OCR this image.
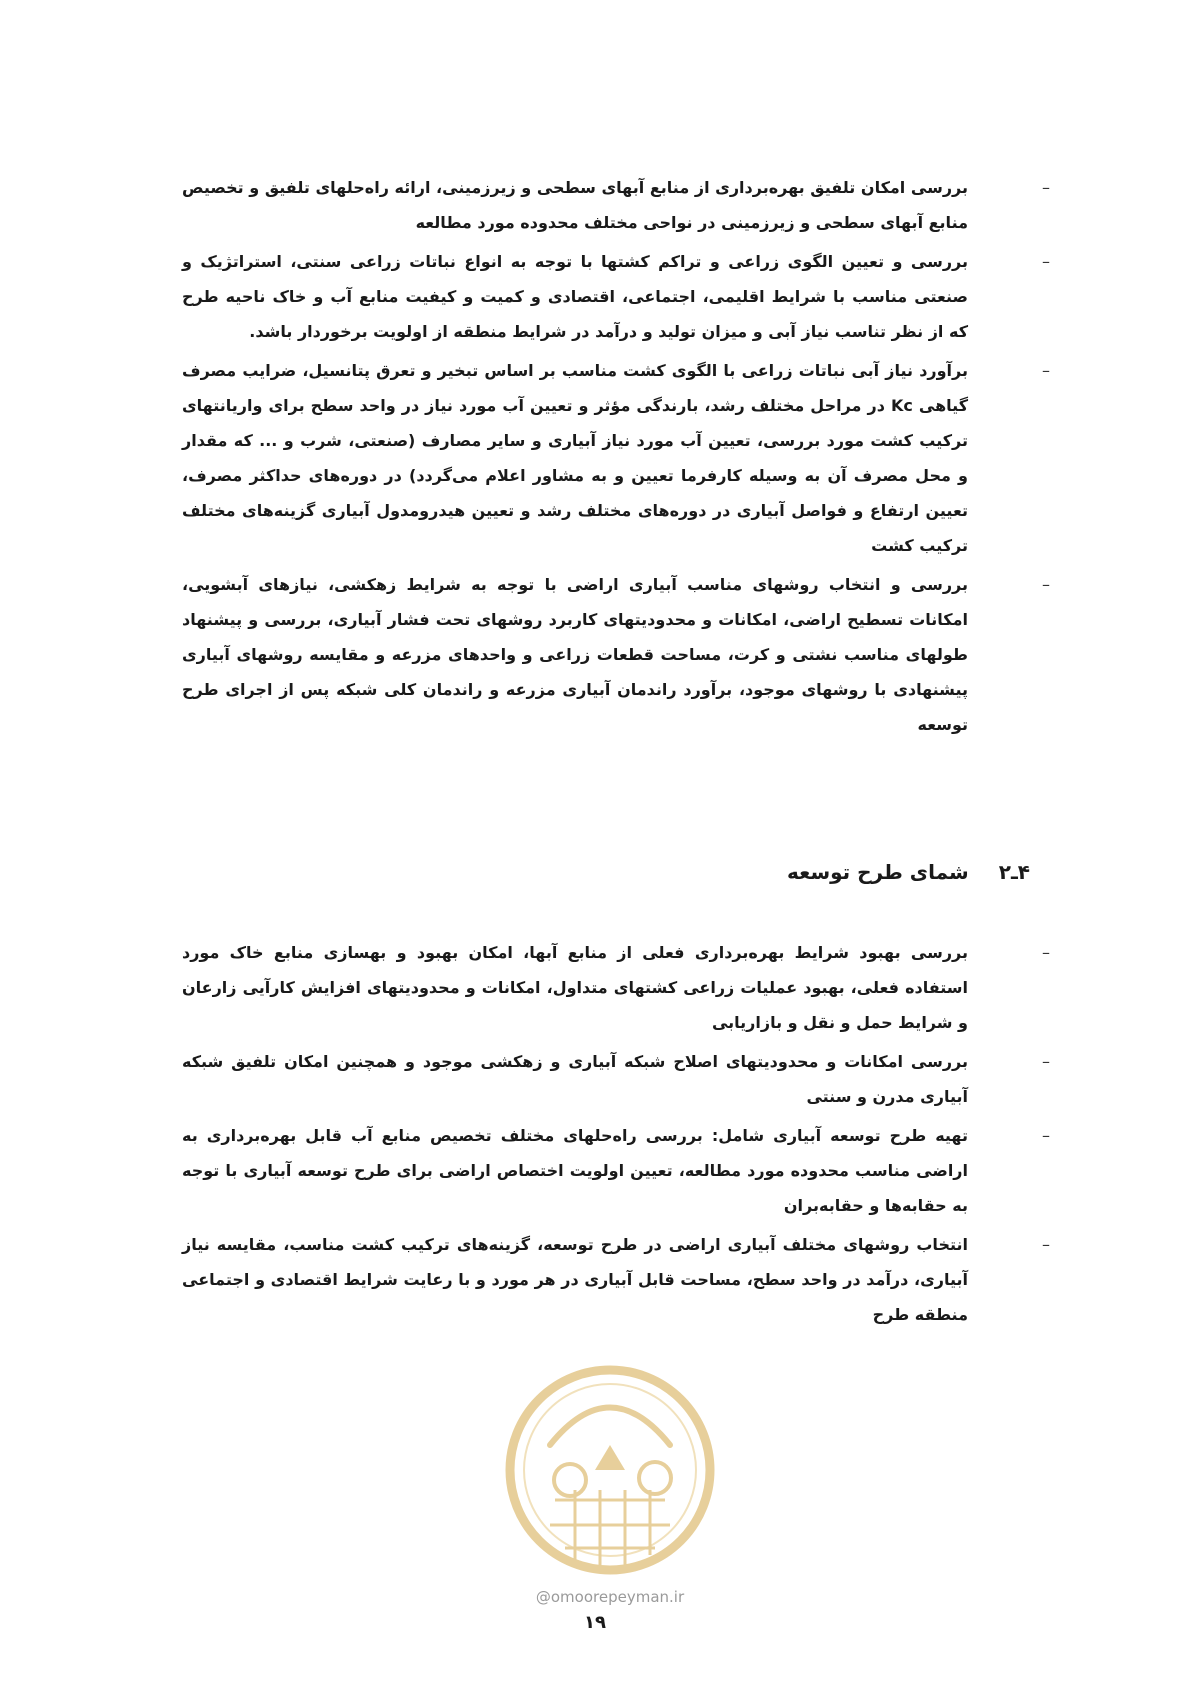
–
بررسی امکان تلفیق بهره‌برداری از منابع آبهای سطحی و زیرزمینی، ارائه راه‌حلهای تلفیق و تخصیص منابع آبهای سطحی و زیرزمینی در نواحی مختلف محدوده مورد مطالعه
–
بررسی و تعیین الگوی زراعی و تراکم کشتها با توجه به انواع نباتات زراعی سنتی، استراتژیک و صنعتی مناسب با شرایط اقلیمی، اجتماعی، اقتصادی و کمیت و کیفیت منابع آب و خاک ناحیه طرح که از نظر تناسب نیاز آبی و میزان تولید و درآمد در شرایط منطقه از اولویت برخوردار باشد.
–
برآورد نیاز آبی نباتات زراعی با الگوی کشت مناسب بر اساس تبخیر و تعرق پتانسیل، ضرایب مصرف گیاهی Kc در مراحل مختلف رشد، بارندگی مؤثر و تعیین آب مورد نیاز در واحد سطح برای واریانتهای ترکیب کشت مورد بررسی، تعیین آب مورد نیاز آبیاری و سایر مصارف (صنعتی، شرب و ... که مقدار و محل مصرف آن به وسیله کارفرما تعیین و به مشاور اعلام می‌گردد) در دوره‌های حداکثر مصرف، تعیین ارتفاع و فواصل آبیاری در دوره‌های مختلف رشد و تعیین هیدرومدول آبیاری گزینه‌های مختلف ترکیب کشت
–
بررسی و انتخاب روشهای مناسب آبیاری اراضی با توجه به شرایط زهکشی، نیازهای آبشویی، امکانات تسطیح اراضی، امکانات و محدودیتهای کاربرد روشهای تحت فشار آبیاری، بررسی و پیشنهاد طولهای مناسب نشتی و کرت، مساحت قطعات زراعی و واحدهای مزرعه و مقایسه روشهای آبیاری پیشنهادی با روشهای موجود، برآورد راندمان آبیاری مزرعه و راندمان کلی شبکه پس از اجرای طرح توسعه
۴ـ۲شمای طرح توسعه
–
بررسی بهبود شرایط بهره‌برداری فعلی از منابع آبها، امکان بهبود و بهسازی منابع خاک مورد استفاده فعلی، بهبود عملیات زراعی کشتهای متداول، امکانات و محدودیتهای افزایش کارآیی زارعان و شرایط حمل و نقل و بازاریابی
–
بررسی امکانات و محدودیتهای اصلاح شبکه آبیاری و زهکشی موجود و همچنین امکان تلفیق شبکه آبیاری مدرن و سنتی
–
تهیه طرح توسعه آبیاری شامل: بررسی راه‌حلهای مختلف تخصیص منابع آب قابل بهره‌برداری به اراضی مناسب محدوده مورد مطالعه، تعیین اولویت اختصاص اراضی برای طرح توسعه آبیاری با توجه به حقابه‌ها و حقابه‌بران
–
انتخاب روشهای مختلف آبیاری اراضی در طرح توسعه، گزینه‌های ترکیب کشت مناسب، مقایسه نیاز آبیاری، درآمد در واحد سطح، مساحت قابل آبیاری در هر مورد و با رعایت شرایط اقتصادی و اجتماعی منطقه طرح
@omoorepeyman.ir
۱۹
